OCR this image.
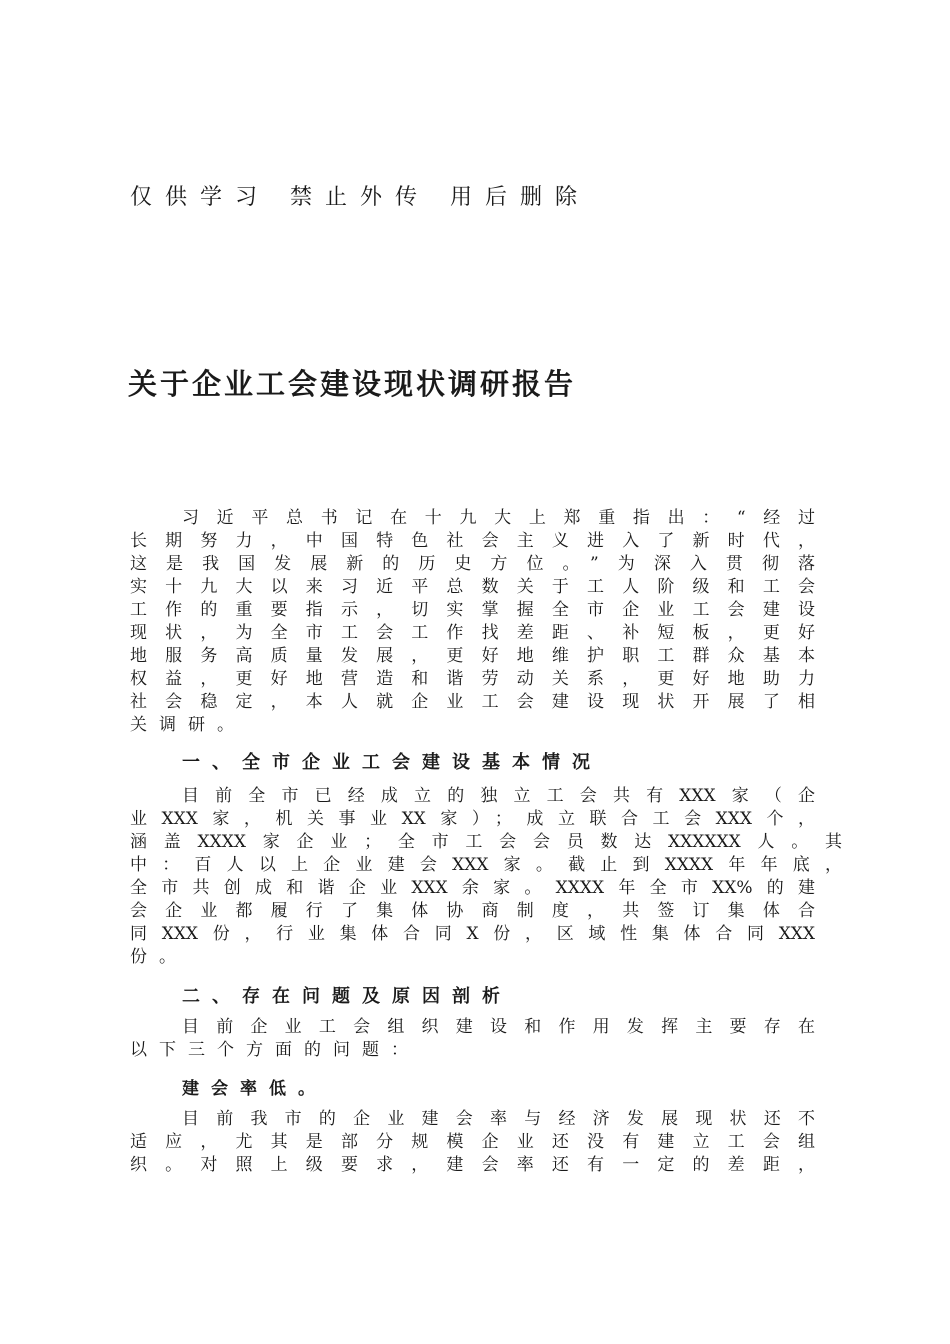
仅供学习 禁止外传 用后删除
关于企业工会建设现状调研报告
习近平总书记在十九大上郑重指出：“经过
长期努力，中国特色社会主义进入了新时代，
这是我国发展新的历史方位。”为深入贯彻落
实十九大以来习近平总数关于工人阶级和工会
工作的重要指示，切实掌握全市企业工会建设
现状，为全市工会工作找差距、补短板，更好
地服务高质量发展，更好地维护职工群众基本
权益，更好地营造和谐劳动关系，更好地助力
社会稳定，本人就企业工会建设现状开展了相
关调研。
一、全市企业工会建设基本情况
目前全市已经成立的独立工会共有XXX家（企
业XXX家，机关事业XX家）；成立联合工会XXX个，
涵盖XXXX家企业；全市工会会员数达XXXXXX人。其
中：百人以上企业建会XXX家。截止到XXXX年年底，
全市共创成和谐企业XXX余家。XXXX年全市XX%的建
会企业都履行了集体协商制度，共签订集体合
同XXX份，行业集体合同X份，区域性集体合同XXX
份。
二、存在问题及原因剖析
目前企业工会组织建设和作用发挥主要存在
以下三个方面的问题：
建会率低。
目前我市的企业建会率与经济发展现状还不
适应，尤其是部分规模企业还没有建立工会组
织。对照上级要求，建会率还有一定的差距，
